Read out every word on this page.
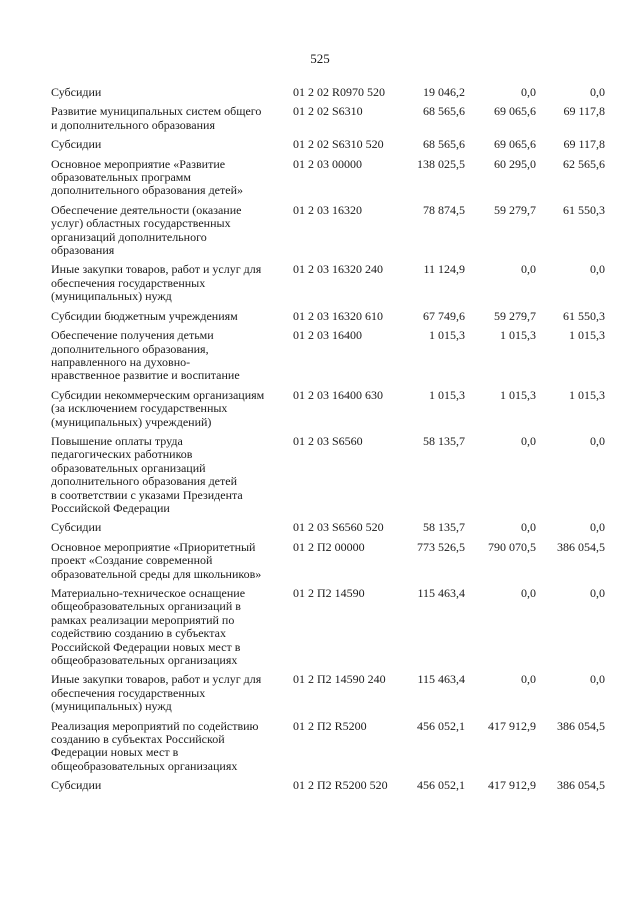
525
Субсидии	01 2 02 R0970 520	19 046,2	0,0	0,0
Развитие муниципальных систем общего
и дополнительного образования
01 2 02 S6310	68 565,6	69 065,6	69 117,8
Субсидии	01 2 02 S6310 520	68 565,6	69 065,6	69 117,8
Основное мероприятие «Развитие
образовательных программ
дополнительного образования детей»
01 2 03 00000	138 025,5	60 295,0	62 565,6
Обеспечение деятельности (оказание
услуг) областных государственных
организаций дополнительного
образования
01 2 03 16320	78 874,5	59 279,7	61 550,3
Иные закупки товаров, работ и услуг для
обеспечения государственных
(муниципальных) нужд
01 2 03 16320 240	11 124,9	0,0	0,0
Субсидии бюджетным учреждениям	01 2 03 16320 610	67 749,6	59 279,7	61 550,3
Обеспечение получения детьми
дополнительного образования,
направленного на духовно-
нравственное развитие и воспитание
01 2 03 16400	1 015,3	1 015,3	1 015,3
Субсидии некоммерческим организациям
(за исключением государственных
(муниципальных) учреждений)
01 2 03 16400 630	1 015,3	1 015,3	1 015,3
Повышение оплаты труда
педагогических работников
образовательных организаций
дополнительного образования детей
в соответствии с указами Президента
Российской Федерации
01 2 03 S6560	58 135,7	0,0	0,0
Субсидии	01 2 03 S6560 520	58 135,7	0,0	0,0
Основное мероприятие «Приоритетный
проект «Создание современной
образовательной среды для школьников»
01 2 П2 00000	773 526,5	790 070,5	386 054,5
Материально-техническое оснащение
общеобразовательных организаций в
рамках реализации мероприятий по
содействию созданию в субъектах
Российской Федерации новых мест в
общеобразовательных организациях
01 2 П2 14590	115 463,4	0,0	0,0
Иные закупки товаров, работ и услуг для
обеспечения государственных
(муниципальных) нужд
01 2 П2 14590 240	115 463,4	0,0	0,0
Реализация мероприятий по содействию
созданию в субъектах Российской
Федерации новых мест в
общеобразовательных организациях
01 2 П2 R5200	456 052,1	417 912,9	386 054,5
Субсидии	01 2 П2 R5200 520	456 052,1	417 912,9	386 054,5
